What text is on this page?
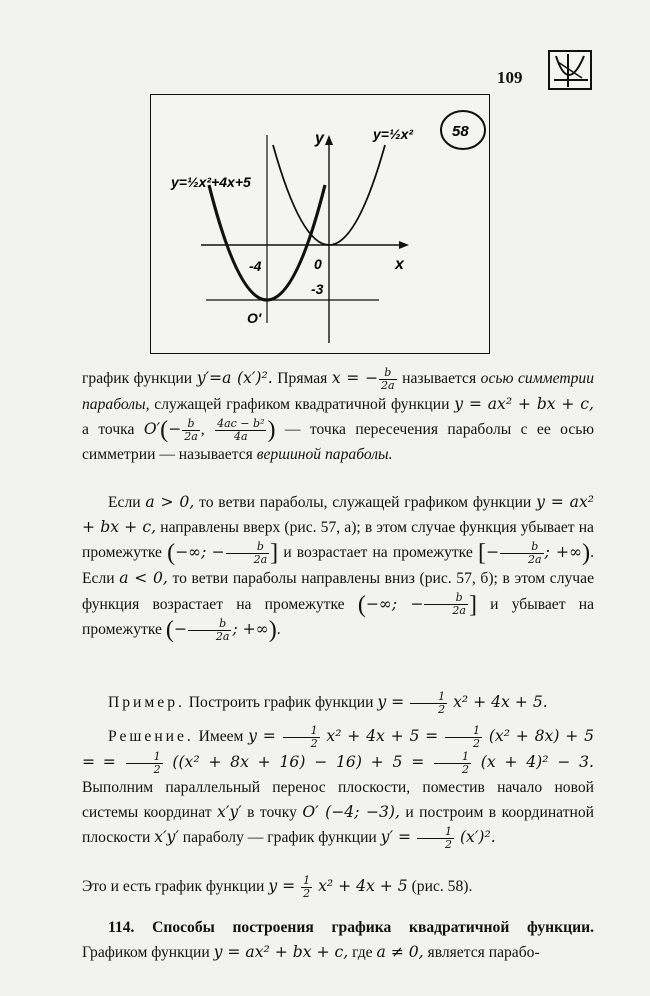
109
y=½x²+4x+5
y=½x²
y
x
-4	0
-3
O′
58

график функции y′=a (x′)². Прямая x = − $\frac{b}{2a}$ называется осью симметрии параболы, служащей графиком квадратичной функции y = ax² + bx + c, а точка $O'(- \frac{b}{2a}$ , $\frac{\text{4ac − b²}}{4a}$ ) — точка пересечения параболы с ее осью симметрии — называется вершиной параболы.

Если a > 0, то ветви параболы, служащей графиком функции y = ax² + bx + c, направлены вверх (рис. 57, а); в этом случае функция убывает на промежутке (−∞; − $\frac{b}{2a}$ ] и возрастает на промежутке [− $\frac{b}{2a}$ ; +∞). Если a < 0, то ветви параболы направлены вниз (рис. 57, б); в этом случае функция возрастает на промежутке (−∞; − $\frac{b}{2a}$ ] и убывает на промежутке (− $\frac{b}{2a}$ ; +∞).

Пример. Построить график функции $y = \frac{1}{2} x^2 + 4x + 5$.

Решение. Имеем $y = \frac{1}{2} x^2 + 4x + 5 = \frac{1}{2} (x^2 + 8x) + 5$ = = $\frac{1}{2} ((x^2 + 8x + 16) - 16) + 5 = \frac{1}{2} (x + 4)^2 - 3$. Выполним параллельный перенос плоскости, поместив начало новой системы координат x′y′ в точку O′ (−4; −3), и построим в координатной плоскости x′y′ параболу — график функции $y' = \frac{1}{2} (x')^2$.

Это и есть график функции $y = \frac{1}{2} x^2 + 4x + 5$ (рис. 58).

114. Способы построения графика квадратичной функции. Графиком функции y = ax² + bx + c, где a ≠ 0, является парабо-
